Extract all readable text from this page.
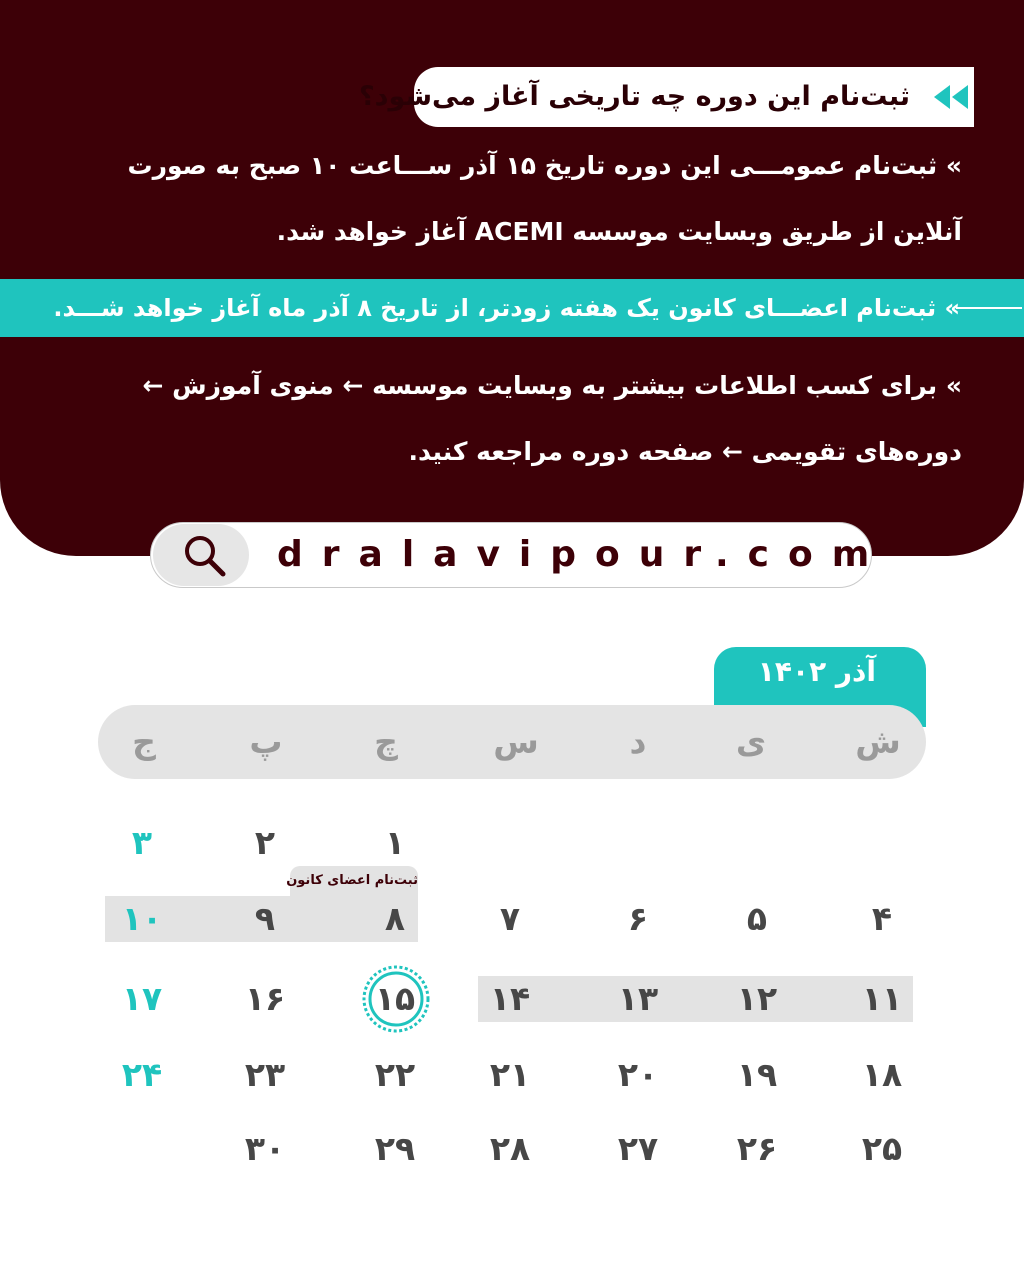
ثبت‌نام این دوره چه تاریخی آغاز می‌شود؟

» ثبت‌نام عمومـــی این دوره تاریخ ۱۵ آذر ســـاعت ۱۰ صبح به صورت آنلاین از طریق وبسایت موسسه ACEMI آغاز خواهد شد.

» ثبت‌نام اعضـــای کانون یک هفته زودتر، از تاریخ ۸ آذر ماه آغاز خواهد شـــد.

» برای کسب اطلاعات بیشتر به وبسایت موسسه ← منوی آموزش ← دوره‌های تقویمی ← صفحه دوره مراجعه کنید.

dralavipour.com
آذر ۱۴۰۲
ش
ی
د
س
چ
پ
ج
ثبت‌نام اعضای کانون
۱
۲
۳
۴
۵
۶
۷
۸
۹
۱۰
۱۱
۱۲
۱۳
۱۴
۱۵
۱۶
۱۷
۱۸
۱۹
۲۰
۲۱
۲۲
۲۳
۲۴
۲۵
۲۶
۲۷
۲۸
۲۹
۳۰
